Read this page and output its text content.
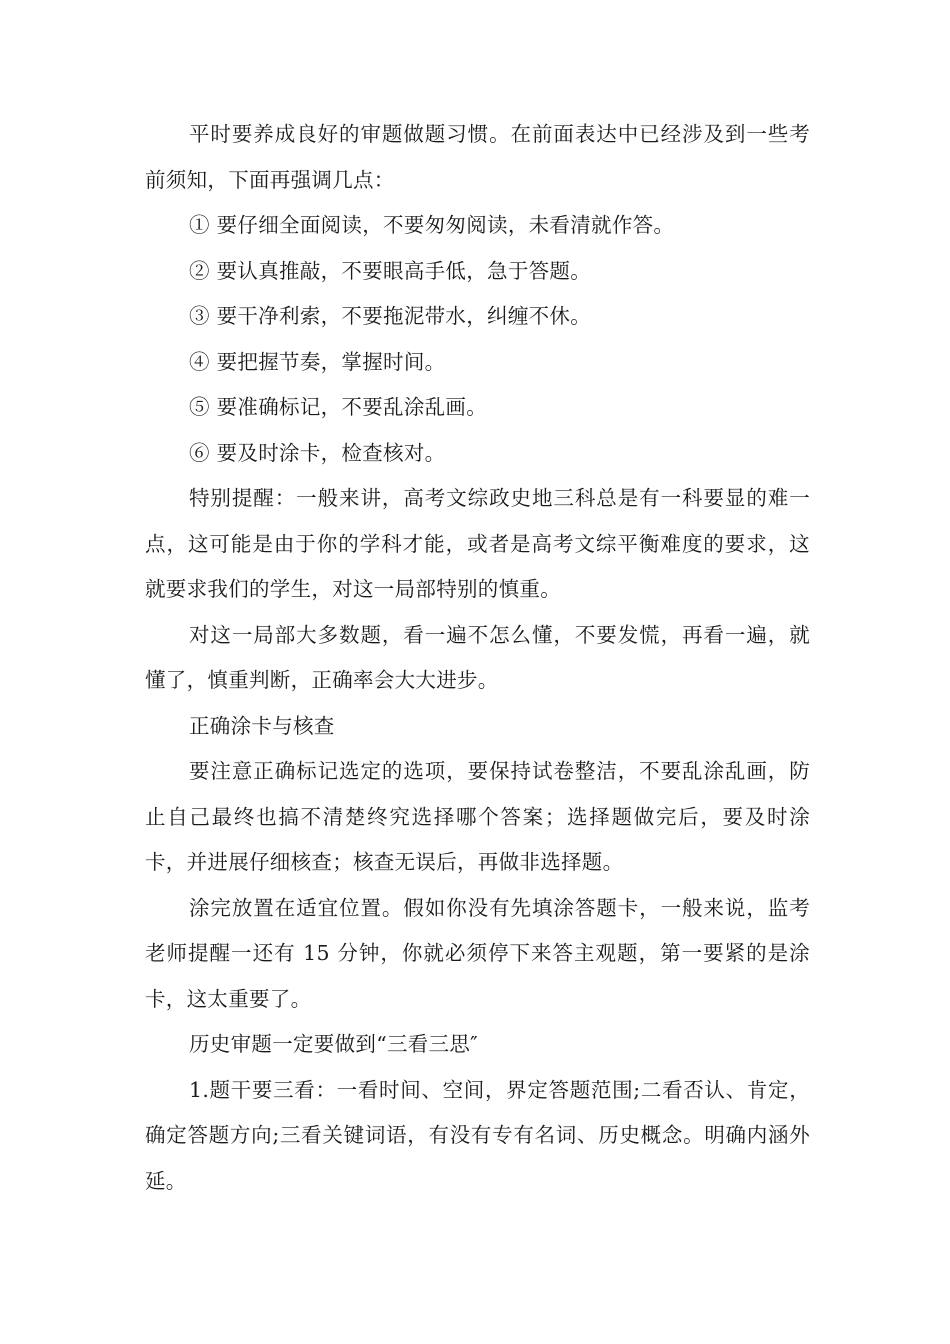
平时要养成良好的审题做题习惯。在前面表达中已经涉及到一些考前须知，下面再强调几点：

① 要仔细全面阅读，不要匆匆阅读，未看清就作答。

② 要认真推敲，不要眼高手低，急于答题。

③ 要干净利索，不要拖泥带水，纠缠不休。

④ 要把握节奏，掌握时间。

⑤ 要准确标记，不要乱涂乱画。

⑥ 要及时涂卡，检查核对。

特别提醒：一般来讲，高考文综政史地三科总是有一科要显的难一点，这可能是由于你的学科才能，或者是高考文综平衡难度的要求，这就要求我们的学生，对这一局部特别的慎重。

对这一局部大多数题，看一遍不怎么懂，不要发慌，再看一遍，就懂了，慎重判断，正确率会大大进步。

正确涂卡与核查

要注意正确标记选定的选项，要保持试卷整洁，不要乱涂乱画，防止自己最终也搞不清楚终究选择哪个答案；选择题做完后，要及时涂卡，并进展仔细核查；核查无误后，再做非选择题。

涂完放置在适宜位置。假如你没有先填涂答题卡，一般来说，监考老师提醒一还有 15 分钟，你就必须停下来答主观题，第一要紧的是涂卡，这太重要了。

历史审题一定要做到“三看三思″

1.题干要三看：一看时间、空间，界定答题范围;二看否认、肯定，确定答题方向;三看关键词语，有没有专有名词、历史概念。明确内涵外延。
